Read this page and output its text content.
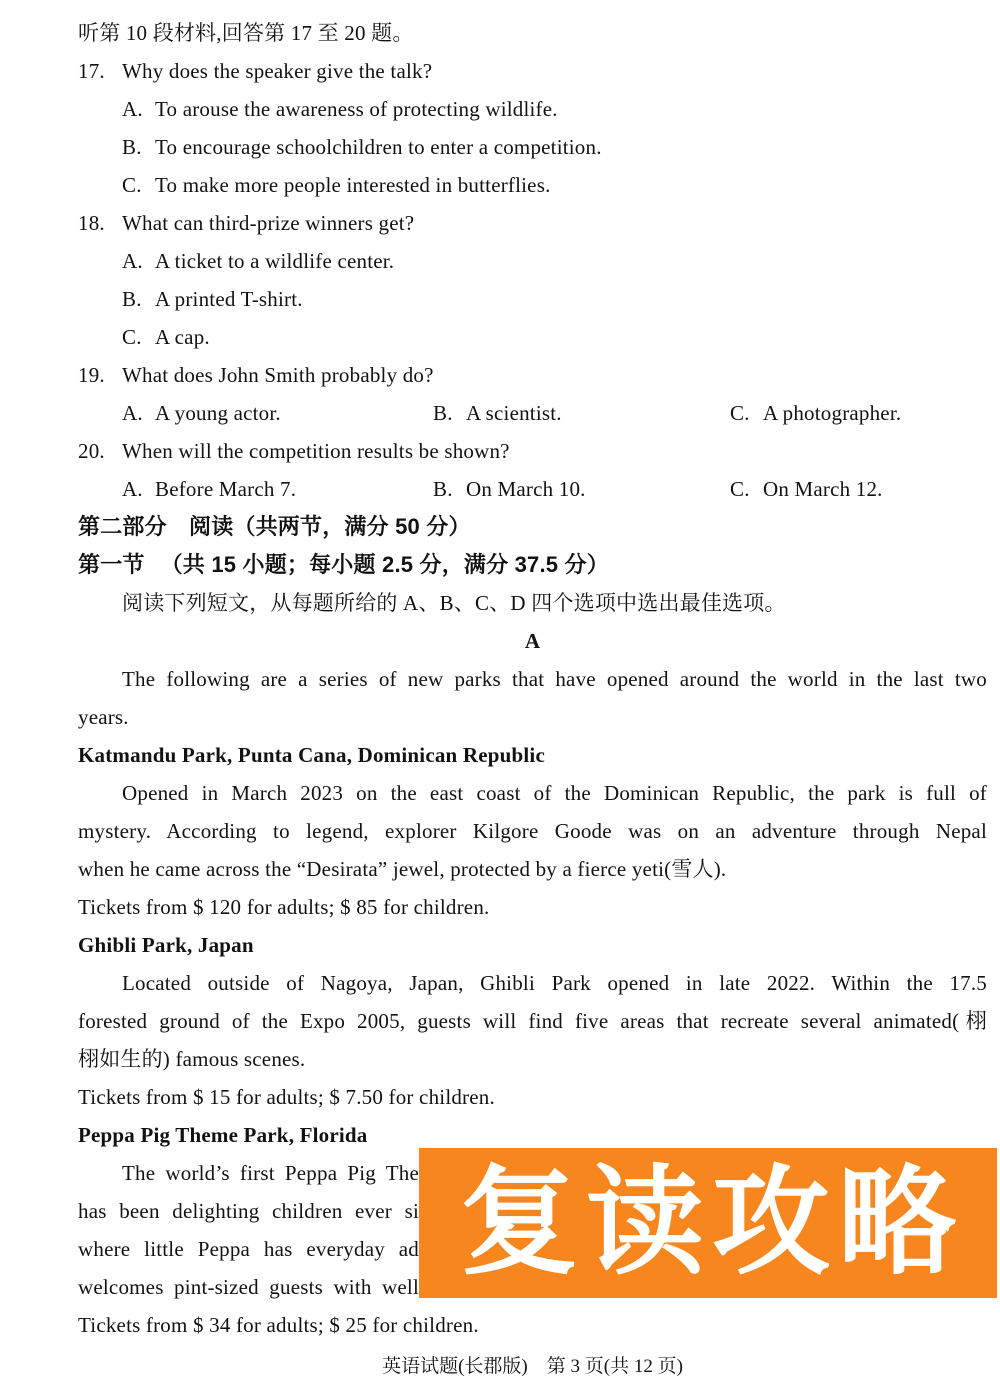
听第 10 段材料,回答第 17 至 20 题。
17. Why does the speaker give the talk?
A. To arouse the awareness of protecting wildlife.
B. To encourage schoolchildren to enter a competition.
C. To make more people interested in butterflies.
18. What can third-prize winners get?
A. A ticket to a wildlife center.
B. A printed T-shirt.
C. A cap.
19. What does John Smith probably do?
A. A young actor.	B. A scientist.	C. A photographer.
20. When will the competition results be shown?
A. Before March 7.	B. On March 10.	C. On March 12.
第二部分　阅读（共两节，满分 50 分）
第一节 （共 15 小题；每小题 2.5 分，满分 37.5 分）
阅读下列短文，从每题所给的 A、B、C、D 四个选项中选出最佳选项。
A
The following are a series of new parks that have opened around the world in the last two
years.
Katmandu Park, Punta Cana, Dominican Republic
Opened in March 2023 on the east coast of the Dominican Republic, the park is full of
mystery. According to legend, explorer Kilgore Goode was on an adventure through Nepal
when he came across the “Desirata” jewel, protected by a fierce yeti(雪人).
Tickets from $ 120 for adults; $ 85 for children.
Ghibli Park, Japan
Located outside of Nagoya, Japan, Ghibli Park opened in late 2022. Within the 17.5
forested ground of the Expo 2005, guests will find five areas that recreate several animated(栩
栩如生的) famous scenes.
Tickets from $ 15 for adults; $ 7.50 for children.
Peppa Pig Theme Park, Florida
The world’s first Peppa Pig The
has been delighting children ever si
where little Peppa has everyday ad
welcomes pint-sized guests with well
Tickets from $ 34 for adults; $ 25 for children.
英语试题(长郡版)　第 3 页(共 12 页)
复读攻略
